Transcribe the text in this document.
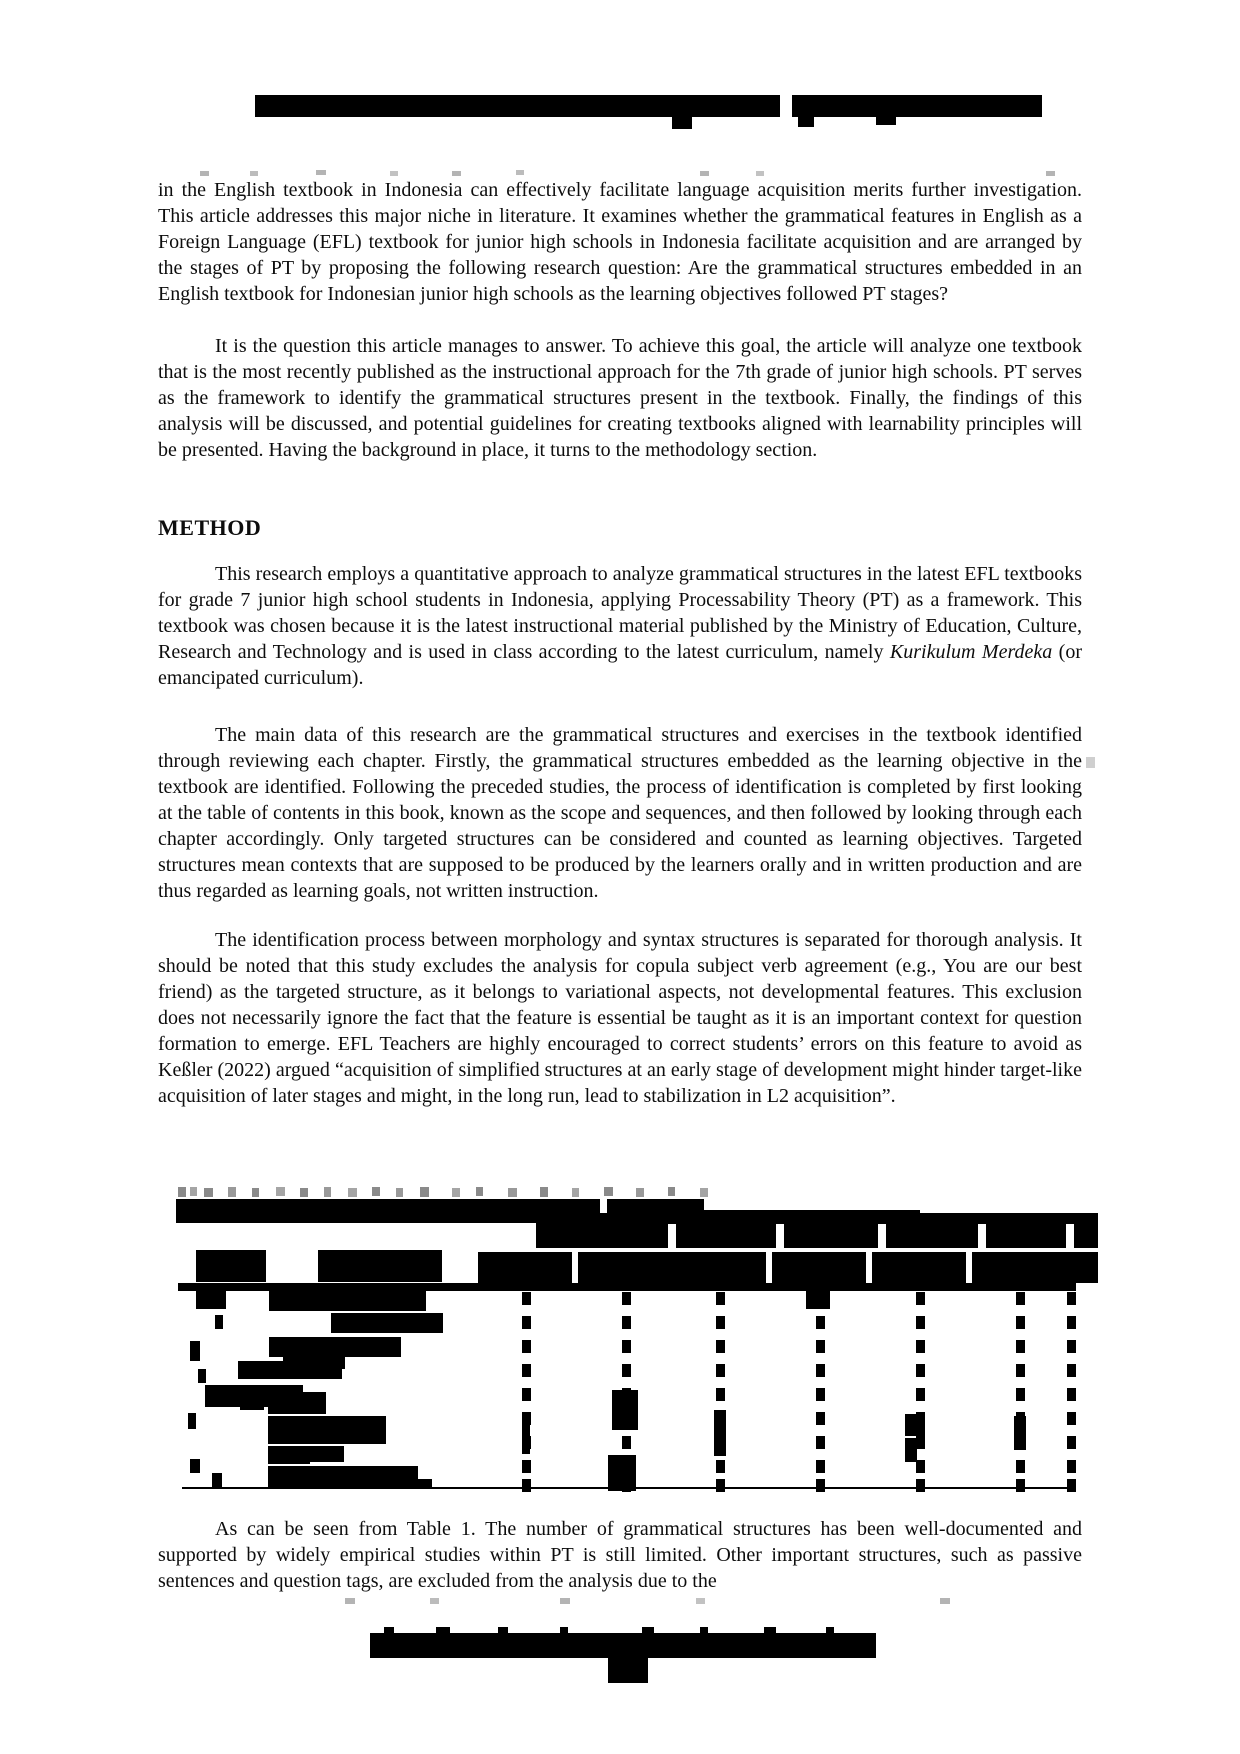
in the English textbook in Indonesia can effectively facilitate language acquisition merits further investigation. This article addresses this major niche in literature. It examines whether the grammatical features in English as a Foreign Language (EFL) textbook for junior high schools in Indonesia facilitate acquisition and are arranged by the stages of PT by proposing the following research question: Are the grammatical structures embedded in an English textbook for Indonesian junior high schools as the learning objectives followed PT stages?

It is the question this article manages to answer. To achieve this goal, the article will analyze one textbook that is the most recently published as the instructional approach for the 7th grade of junior high schools. PT serves as the framework to identify the grammatical structures present in the textbook. Finally, the findings of this analysis will be discussed, and potential guidelines for creating textbooks aligned with learnability principles will be presented. Having the background in place, it turns to the methodology section.

METHOD

This research employs a quantitative approach to analyze grammatical structures in the latest EFL textbooks for grade 7 junior high school students in Indonesia, applying Processability Theory (PT) as a framework. This textbook was chosen because it is the latest instructional material published by the Ministry of Education, Culture, Research and Technology and is used in class according to the latest curriculum, namely Kurikulum Merdeka (or emancipated curriculum).

The main data of this research are the grammatical structures and exercises in the textbook identified through reviewing each chapter. Firstly, the grammatical structures embedded as the learning objective in the textbook are identified. Following the preceded studies, the process of identification is completed by first looking at the table of contents in this book, known as the scope and sequences, and then followed by looking through each chapter accordingly. Only targeted structures can be considered and counted as learning objectives. Targeted structures mean contexts that are supposed to be produced by the learners orally and in written production and are thus regarded as learning goals, not written instruction.

The identification process between morphology and syntax structures is separated for thorough analysis. It should be noted that this study excludes the analysis for copula subject verb agreement (e.g., You are our best friend) as the targeted structure, as it belongs to variational aspects, not developmental features. This exclusion does not necessarily ignore the fact that the feature is essential be taught as it is an important context for question formation to emerge. EFL Teachers are highly encouraged to correct students’ errors on this feature to avoid as Keßler (2022) argued “acquisition of simplified structures at an early stage of development might hinder target-like acquisition of later stages and might, in the long run, lead to stabilization in L2 acquisition”.

As can be seen from Table 1. The number of grammatical structures has been well-documented and supported by widely empirical studies within PT is still limited. Other important structures, such as passive sentences and question tags, are excluded from the analysis due to the
